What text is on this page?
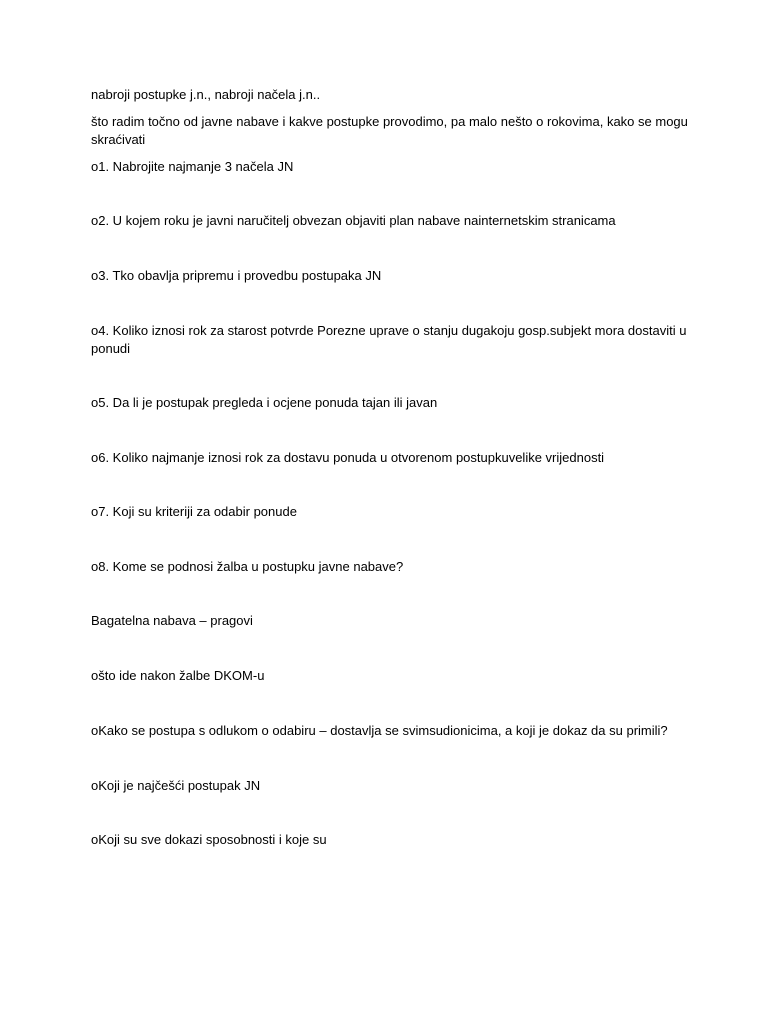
nabroji postupke j.n., nabroji načela j.n..

što radim točno od javne nabave i kakve postupke provodimo, pa malo nešto o rokovima, kako se mogu skraćivati

o1. Nabrojite najmanje 3 načela JN

o2. U kojem roku je javni naručitelj obvezan objaviti plan nabave nainternetskim stranicama

o3. Tko obavlja pripremu i provedbu postupaka JN

o4. Koliko iznosi rok za starost potvrde Porezne uprave o stanju dugakoju gosp.subjekt mora dostaviti u ponudi

o5. Da li je postupak pregleda i ocjene ponuda tajan ili javan

o6. Koliko najmanje iznosi rok za dostavu ponuda u otvorenom postupkuvelike vrijednosti

o7. Koji su kriteriji za odabir ponude

o8. Kome se podnosi žalba u postupku javne nabave?

Bagatelna nabava – pragovi

ošto ide nakon žalbe DKOM-u

oKako se postupa s odlukom o odabiru – dostavlja se svimsudionicima, a koji je dokaz da su primili?

oKoji je najčešći postupak JN

oKoji su sve dokazi sposobnosti i koje su
